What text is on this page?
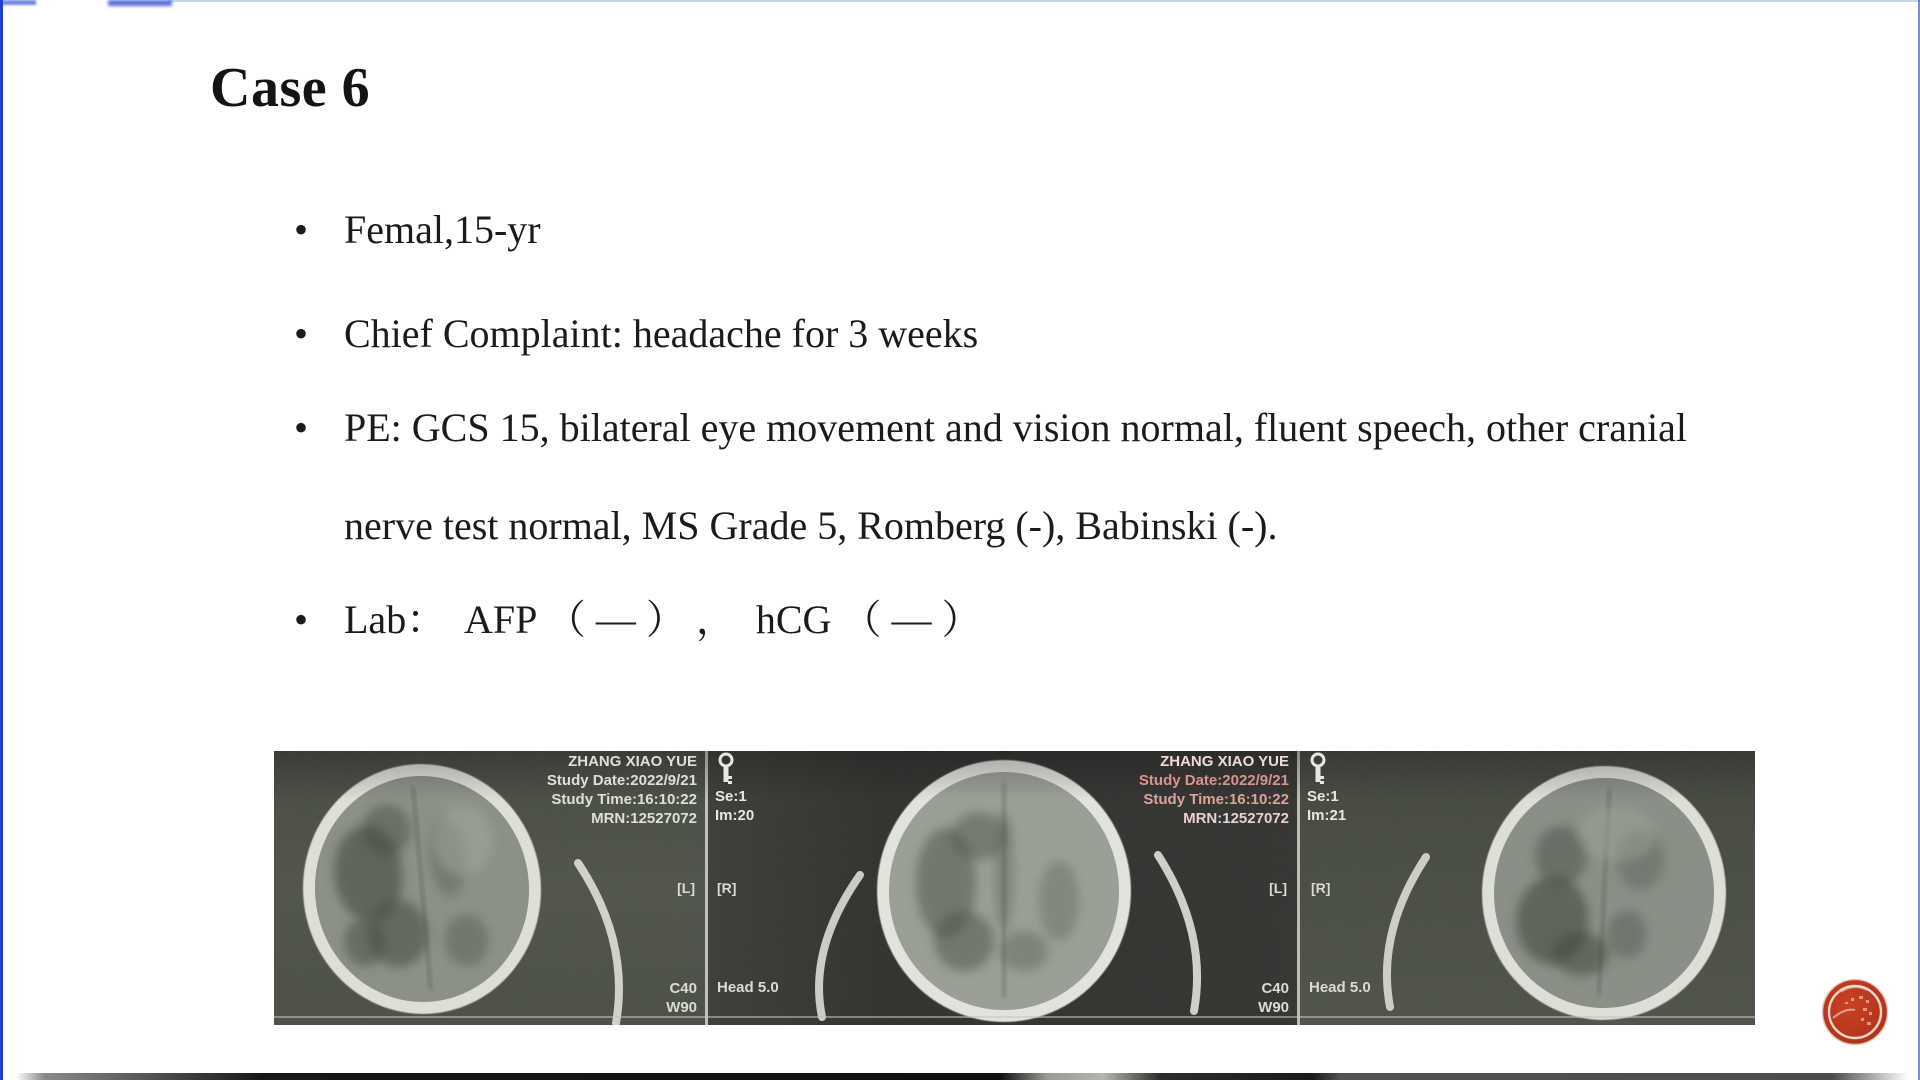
Case 6
• Femal,15-yr
• Chief Complaint: headache for 3 weeks
• PE: GCS 15, bilateral eye movement and vision normal, fluent speech, other cranial
nerve test normal, MS Grade 5, Romberg (-), Babinski (-).
• Lab：  AFP （ — ） ，  hCG （ — ）
ZHANG XIAO YUE
Study Date:2022/9/21
Study Time:16:10:22
MRN:12527072
Se:1
Im:20
[L] [R]
C40
W90
Head 5.0
ZHANG XIAO YUE
Study Date:2022/9/21
Study Time:16:10:22
MRN:12527072
Se:1
Im:21
[L] [R]
C40
W90
Head 5.0
